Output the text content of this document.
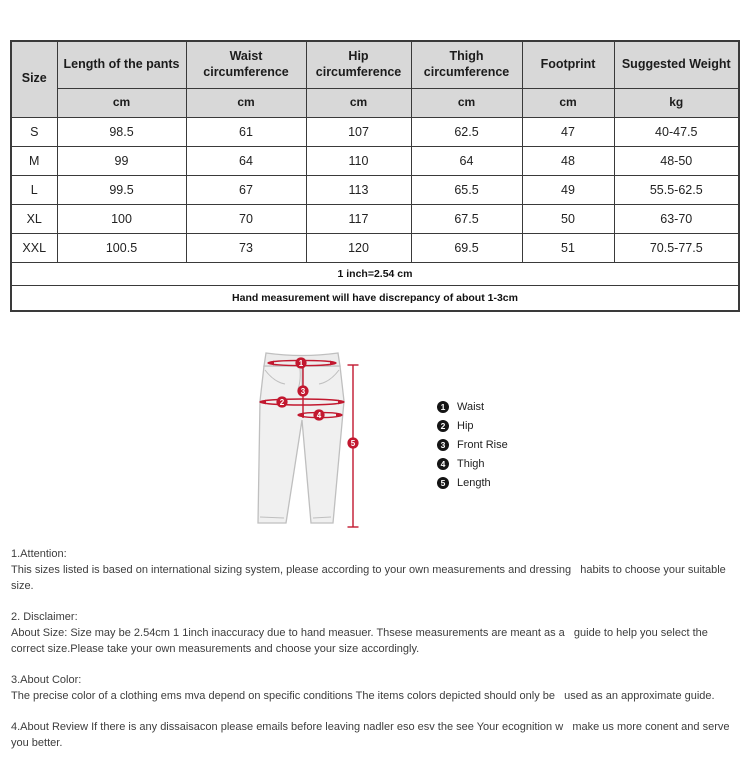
Size	Length of the pants	Waist circumference	Hip circumference	Thigh circumference	Footprint	Suggested Weight
	cm	cm	cm	cm	cm	kg
S	98.5	61	107	62.5	47	40-47.5
M	99	64	110	64	48	48-50
L	99.5	67	113	65.5	49	55.5-62.5
XL	100	70	117	67.5	50	63-70
XXL	100.5	73	120	69.5	51	70.5-77.5
1 inch=2.54 cm						
Hand measurement will have discrepancy of about 1-3cm						
1
3
2
4
5
1	Waist
2	Hip
3	Front Rise
4	Thigh
5	Length
1.Attention:
This sizes listed is based on international sizing system, please according to your own measurements and dressing   habits to choose your suitable size.
2. Disclaimer:
About Size: Size may be 2.54cm 1 1inch inaccuracy due to hand measuer. Thsese measurements are meant as a   guide to help you select the correct size.Please take your own measurements and choose your size accordingly.
3.About Color:
The precise color of a clothing ems mva depend on specific conditions The items colors depicted should only be   used as an approximate guide.
4.About Review If there is any dissaisacon please emails before leaving nadler eso esv the see Your ecognition w   make us more conent and serve you better.
